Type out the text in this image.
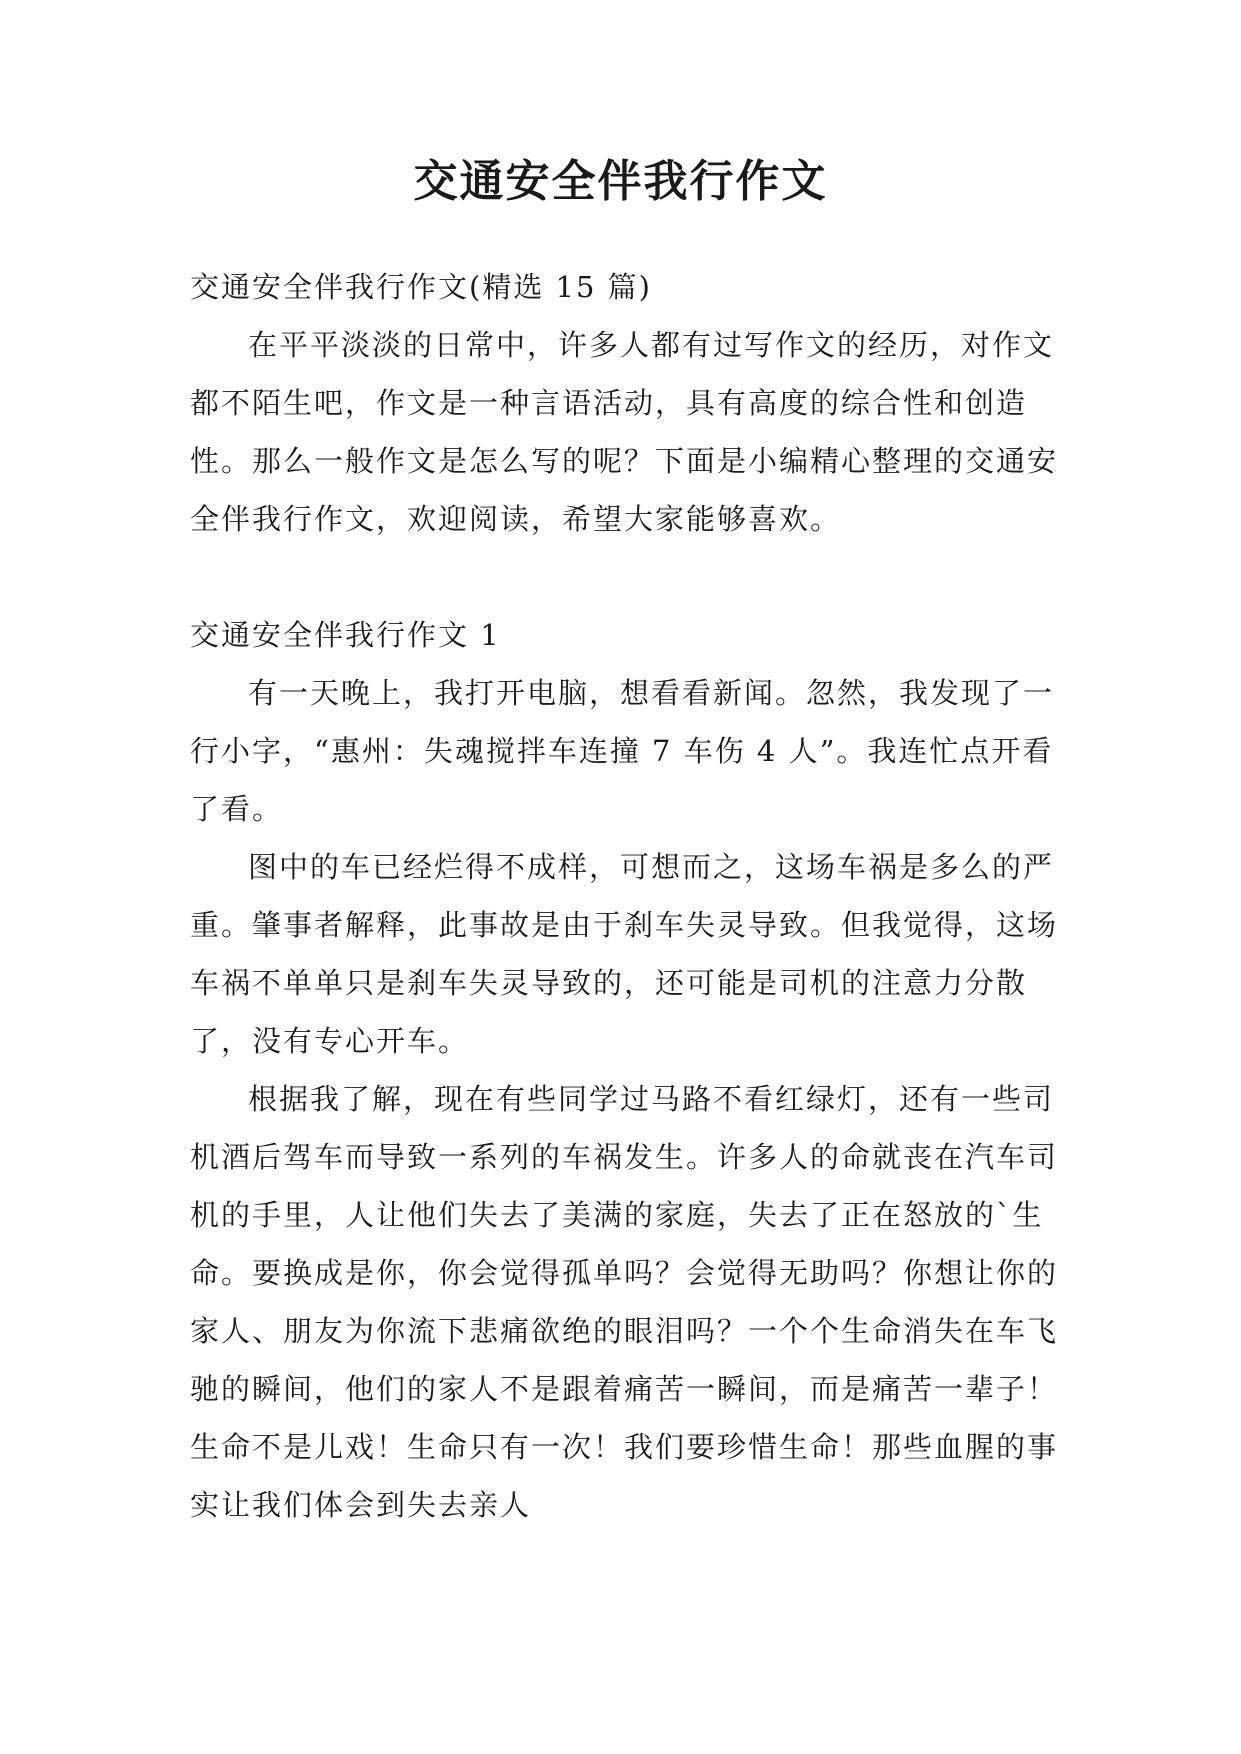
交通安全伴我行作文

交通安全伴我行作文(精选 15 篇)

在平平淡淡的日常中，许多人都有过写作文的经历，对作文都不陌生吧，作文是一种言语活动，具有高度的综合性和创造性。那么一般作文是怎么写的呢？下面是小编精心整理的交通安全伴我行作文，欢迎阅读，希望大家能够喜欢。

交通安全伴我行作文 1

有一天晚上，我打开电脑，想看看新闻。忽然，我发现了一行小字，“惠州：失魂搅拌车连撞 7 车伤 4 人”。我连忙点开看了看。

图中的车已经烂得不成样，可想而之，这场车祸是多么的严重。肇事者解释，此事故是由于刹车失灵导致。但我觉得，这场车祸不单单只是刹车失灵导致的，还可能是司机的注意力分散了，没有专心开车。

根据我了解，现在有些同学过马路不看红绿灯，还有一些司机酒后驾车而导致一系列的车祸发生。许多人的命就丧在汽车司机的手里，人让他们失去了美满的家庭，失去了正在怒放的`生命。要换成是你，你会觉得孤单吗？会觉得无助吗？你想让你的家人、朋友为你流下悲痛欲绝的眼泪吗？一个个生命消失在车飞驰的瞬间，他们的家人不是跟着痛苦一瞬间，而是痛苦一辈子！生命不是儿戏！生命只有一次！我们要珍惜生命！那些血腥的事实让我们体会到失去亲人
